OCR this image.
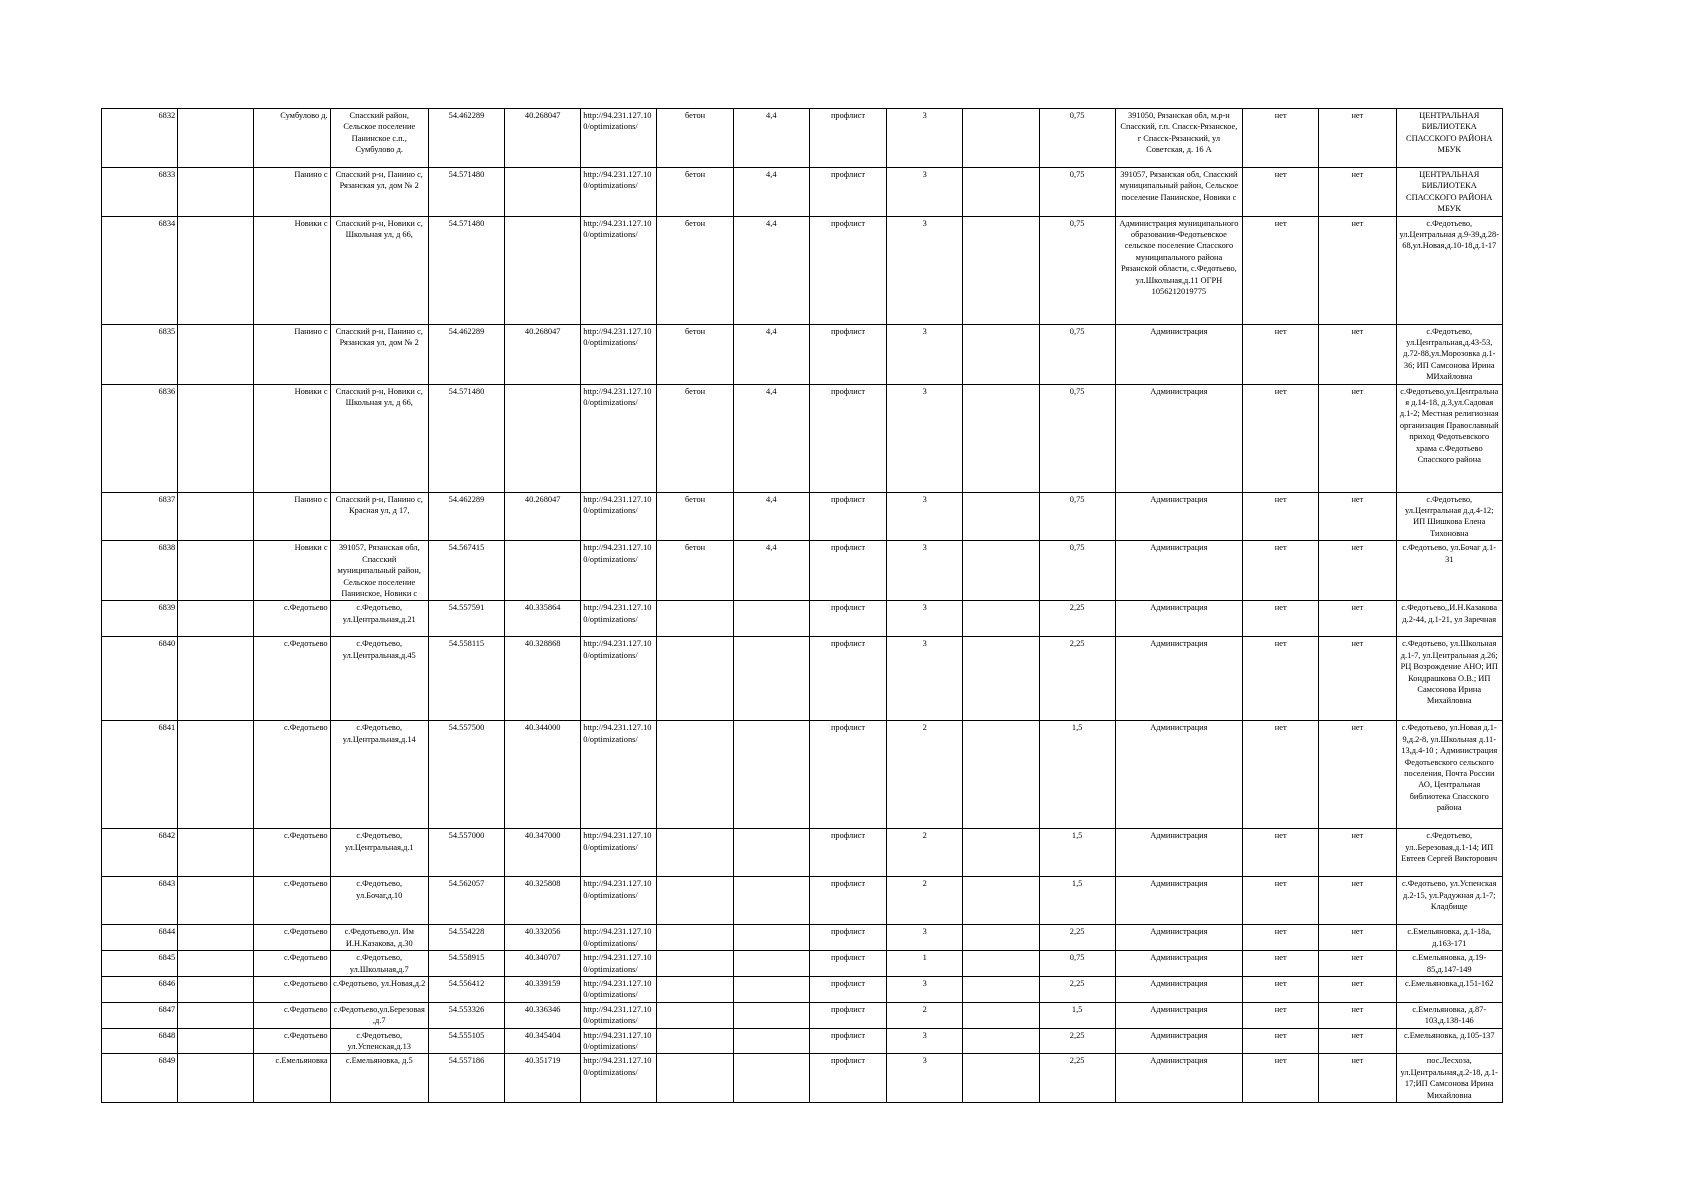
6832		Сумбулово д.	Спасский район, Сельское поселение Панинское с.п., Сумбулово д.	54.462289	40.268047	http://94.231.127.100/optimizations/	бетон	4,4	профлист	3		0,75	391050, Рязанская обл, м.р-н Спасский, г.п. Спасск-Рязанское, г Спасск-Рязанский, ул Советская, д. 16 А	нет	нет	ЦЕНТРАЛЬНАЯ БИБЛИОТЕКА СПАССКОГО РАЙОНА МБУК
6833		Панино с	Спасский р-н, Панино с, Рязанская ул, дом № 2	54.571480		http://94.231.127.100/optimizations/	бетон	4,4	профлист	3		0,75	391057, Рязанская обл, Спасский муниципальный район, Сельское поселение Панинское, Новики с	нет	нет	ЦЕНТРАЛЬНАЯ БИБЛИОТЕКА СПАССКОГО РАЙОНА МБУК
6834		Новики с	Спасский р-н, Новики с, Школьная ул, д 66,	54.571480		http://94.231.127.100/optimizations/	бетон	4,4	профлист	3		0,75	Администрация муниципального образования-Федотьевское сельское поселение Спасского муниципального района Рязанской области, с.Федотьево, ул.Школьная,д.11 ОГРН 1056212019775	нет	нет	с.Федотьево, ул.Центральная д.9-39,д.28-68,ул.Новая,д.10-18,д.1-17
6835		Панино с	Спасский р-н, Панино с, Рязанская ул, дом № 2	54.462289	40.268047	http://94.231.127.100/optimizations/	бетон	4,4	профлист	3		0,75	Администрация	нет	нет	с.Федотьево, ул.Центральная,д.43-53, д.72-88,ул.Морозовка д.1-36; ИП Самсонова Ирина МИхайловна
6836		Новики с	Спасский р-н, Новики с, Школьная ул, д 66,	54.571480		http://94.231.127.100/optimizations/	бетон	4,4	профлист	3		0,75	Администрация	нет	нет	с.Федотьево,ул.Центральная д.14-18, д.3,ул.Садовая д.1-2; Местная религиозная организация Православный приход Федотьевского храма с.Федотьево Спасского района
6837		Панино с	Спасский р-н, Панино с, Красная ул, д 17,	54.462289	40.268047	http://94.231.127.100/optimizations/	бетон	4,4	профлист	3		0,75	Администрация	нет	нет	с.Федотьево, ул.Центральная д.д.4-12; ИП Шишкова Елена Тихоновна
6838		Новики с	391057, Рязанская обл, Спасский муниципальный район, Сельское поселение Панинское, Новики с	54.567415		http://94.231.127.100/optimizations/	бетон	4,4	профлист	3		0,75	Администрация	нет	нет	с.Федотьево, ул.Бочаг д.1-31
6839		с.Федотьево	с.Федотьево, ул.Центральная,д.21	54.557591	40.335864	http://94.231.127.100/optimizations/			профлист	3		2,25	Администрация	нет	нет	с.Федотьево,,И.Н.Казакова д.2-44, д.1-21, ул Заречная
6840		с.Федотьево	с.Федотьево, ул.Центральная,д.45	54.558115	40.328868	http://94.231.127.100/optimizations/			профлист	3		2,25	Администрация	нет	нет	с.Федотьево, ул.Школьная д.1-7, ул.Центральная д.26; РЦ Возрождение АНО; ИП Кондрашкова О.В.; ИП Самсонова Ирина Михайловна
6841		с.Федотьево	с.Федотьево, ул.Центральная,д.14	54.557500	40.344000	http://94.231.127.100/optimizations/			профлист	2		1,5	Администрация	нет	нет	с.Федотьево, ул.Новая д.1-9,д.2-8, ул.Школьная д.11-13,д.4-10 ; Администрация Федотьевского сельского поселения, Почта России АО, Центральная библиотека Спасского района
6842		с.Федотьево	с.Федотьево, ул.Центральная,д.1	54.557000	40.347000	http://94.231.127.100/optimizations/			профлист	2		1,5	Администрация	нет	нет	с.Федотьево, ул..Березовая,д.1-14; ИП Евтеев Сергей Викторович
6843		с.Федотьево	с.Федотьево, ул.Бочаг,д.10	54.562057	40.325808	http://94.231.127.100/optimizations/			профлист	2		1,5	Администрация	нет	нет	с.Федотьево, ул.Успенская д.2-15, ул.Радужная д.1-7; Кладбище
6844		с.Федотьево	с.Федотьево,ул. Им И.Н.Казакова, д.30	54.554228	40.332056	http://94.231.127.100/optimizations/			профлист	3		2,25	Администрация	нет	нет	с.Емельяновка, д.1-18а, д.163-171
6845		с.Федотьево	с.Федотьево, ул.Школьная,д.7	54.558915	40.340707	http://94.231.127.100/optimizations/			профлист	1		0,75	Администрация	нет	нет	с.Емельяновка, д.19-85,д.147-149
6846		с.Федотьево	с.Федотьево, ул.Новая,д.2	54.556412	40.339159	http://94.231.127.100/optimizations/			профлист	3		2,25	Администрация	нет	нет	с.Емельяновка,д.151-162
6847		с.Федотьево	с.Федотьево,ул.Березовая,д.7	54.553326	40.336346	http://94.231.127.100/optimizations/			профлист	2		1,5	Администрация	нет	нет	с.Емельяновка, д.87-103,д.138-146
6848		с.Федотьево	с.Федотьево, ул.Успенская,д.13	54.555105	40.345404	http://94.231.127.100/optimizations/			профлист	3		2,25	Администрация	нет	нет	с.Емельяновка, д.105-137
6849		с.Емельяновка	с.Емельяновка, д.5	54.557186	40.351719	http://94.231.127.100/optimizations/			профлист	3		2,25	Администрация	нет	нет	пос.Лесхоза, ул.Центральная,д.2-18, д.1-17;ИП Самсонова Ирина Михайловна
